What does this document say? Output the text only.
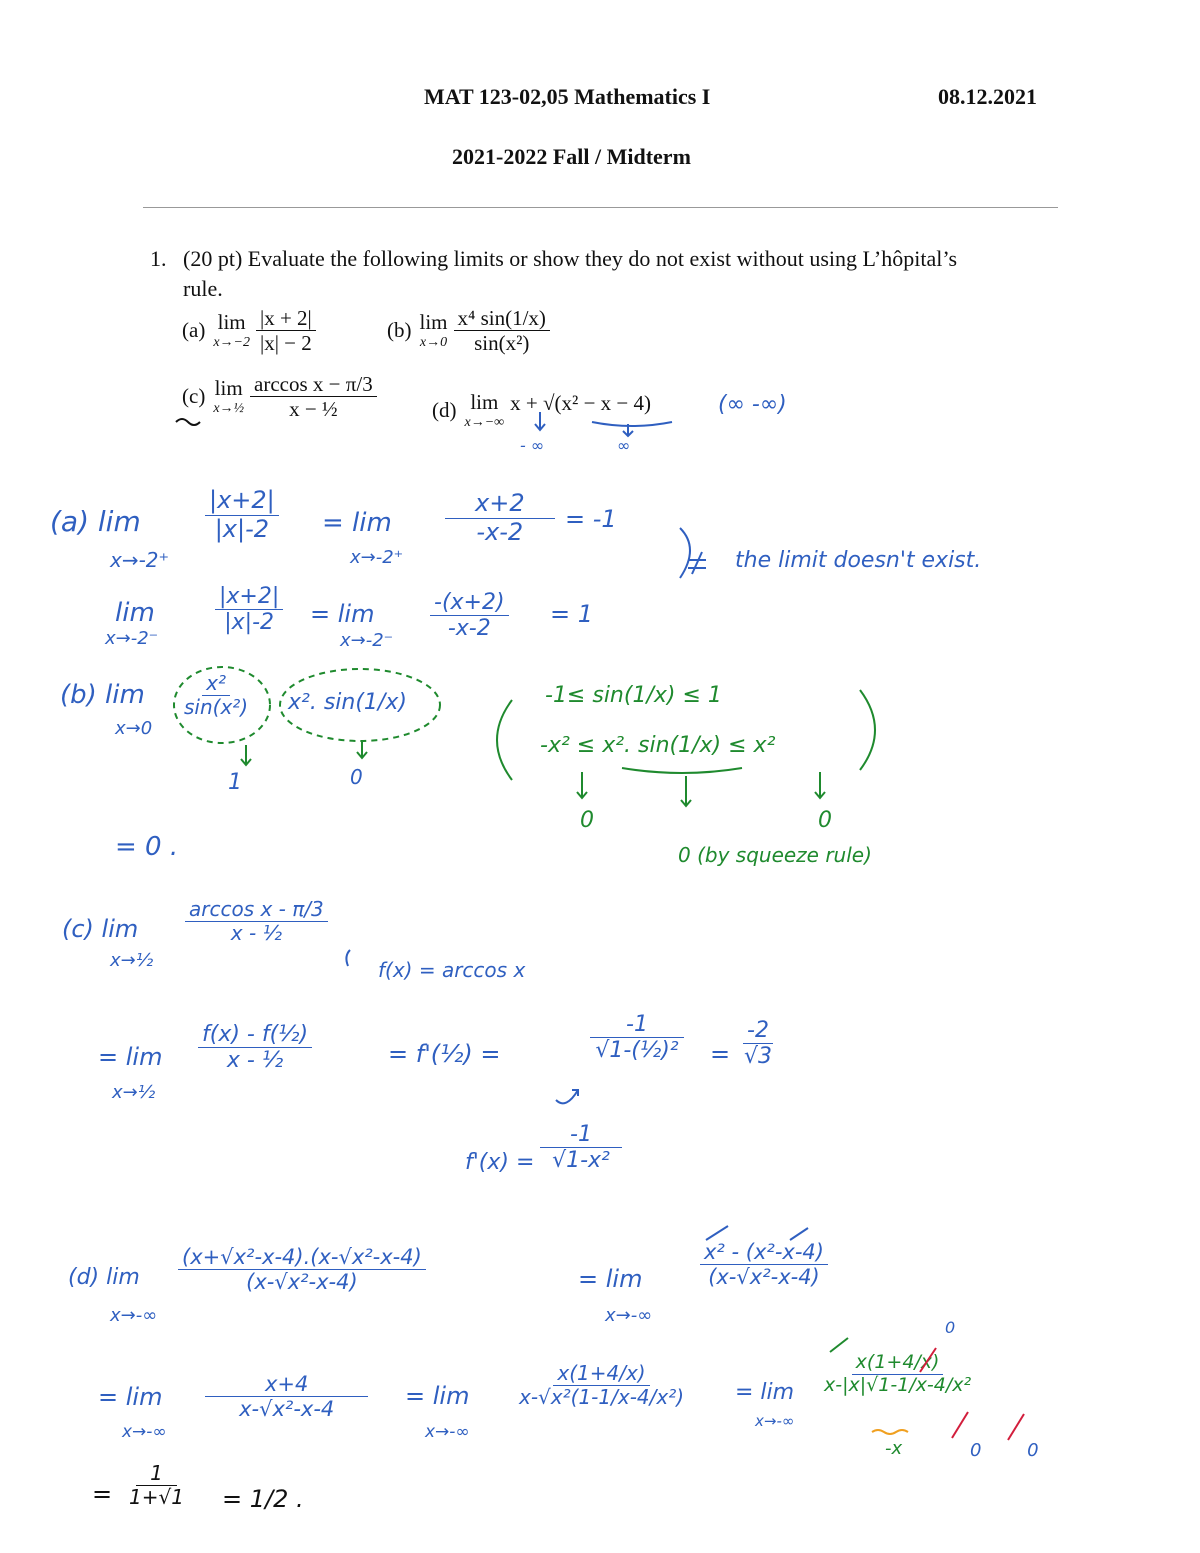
MAT 123-02,05 Mathematics I	08.12.2021
2021-2022 Fall / Midterm
1. (20 pt) Evaluate the following limits or show they do not exist without using L’hôpital’s
rule.
(a) lim
$x\to-2 \frac{|x + 2|}{|x| - 2}$	(b) lim
$x\to 0 \frac{\text{x⁴ sin(1/x)}}{\text{sin(x²)}}$
(c) lim
x→½ $\frac{\text{arccos x − π/3}}{\text{x − ½}}$	(d) lim
x→−∞
x + √(x² − x − 4)	(∞ -∞)
- ∞	∞
(a) lim
x→-2⁺
$\frac{|x+2|}{|x|-2} = \lim$
x→-2⁺
$\frac{x+2}{-x-2} = -1$
lim
x→-2⁻
$\frac{|x+2|}{|x|-2} = \lim$
$x\to-2^- \frac{-(x+2)}{-x-2} = 1$
the limit doesn't exist.
(b) lim
x→0
$\frac{\text{x²}}{\text{sin(x²)}} x^2$. sin(1/x)
1	0
= 0 .
-1≤ sin(1/x) ≤ 1
-x² ≤ x². sin(1/x) ≤ x²
0	0
0 (by squeeze rule)
(c) lim
x→½
$\frac{\text{arccos x - π/3}}{\text{x - ½}}$
f(x) = arccos x
= lim
x→½
$\frac{\text{f(x) - f(½)}}{\text{x - ½}}$	= f'(½) =	$\frac{-1}{\text{√1-(½)²}} = \frac{-2}{√3}$
$f'(x) = \frac{-1}{\text{√1-x²}}$
(d) lim
x→-∞
$\frac{\text{(x+√x²-x-4).(x-√x²-x-4)}}{\text{(x-√x²-x-4)}}$	= lim
x→-∞
$\frac{\text{x² - (x²-x-4)}}{\text{(x-√x²-x-4)}}$
= lim
x→-∞
$\frac{x+4}{\text{x-√x²-x-4}} = \lim$
x→-∞
$\frac{x(1+4/x)}{\text{x-√x²(1-1/x-4/x²)}} = \lim$
x→-∞
$\frac{x(1+4/x)}{\text{x-|x|√1-1/x-4/x²}}$
-x	0 0
0
= $\frac{1}{1+√1} = 1/2$ .
